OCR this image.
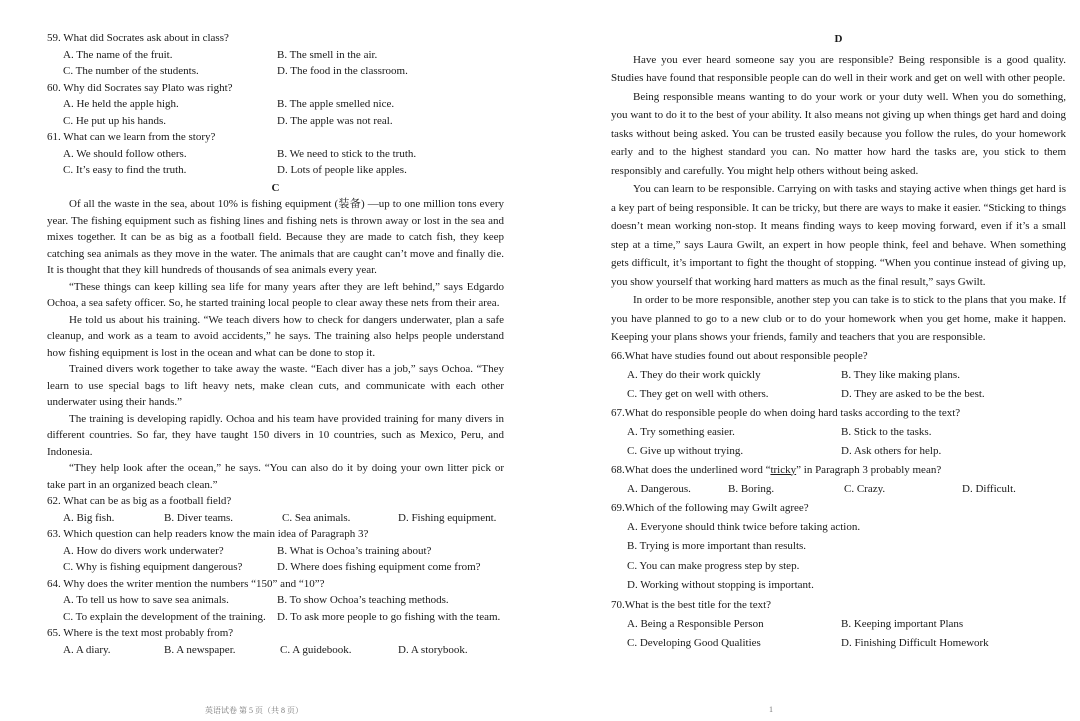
59. What did Socrates ask about in class?

A. The name of the fruit.	B. The smell in the air.
C. The number of the students.	D. The food in the classroom.

60. Why did Socrates say Plato was right?

A. He held the apple high.	B. The apple smelled nice.
C. He put up his hands.	D. The apple was not real.

61. What can we learn from the story?

A. We should follow others.	B. We need to stick to the truth.
C. It’s easy to find the truth.	D. Lots of people like apples.
C

Of all the waste in the sea, about 10% is fishing equipment (装备) —up to one million tons every year. The fishing equipment such as fishing lines and fishing nets is thrown away or lost in the sea and mixes together. It can be as big as a football field. Because they are made to catch fish, they keep catching sea animals as they move in the water. The animals that are caught can’t move and finally die. It is thought that they kill hundreds of thousands of sea animals every year.

“These things can keep killing sea life for many years after they are left behind,” says Edgardo Ochoa, a sea safety officer. So, he started training local people to clear away these nets from their area.

He told us about his training. “We teach divers how to check for dangers underwater, plan a safe cleanup, and work as a team to avoid accidents,” he says. The training also helps people understand how fishing equipment is lost in the ocean and what can be done to stop it.

Trained divers work together to take away the waste. “Each diver has a job,” says Ochoa. “They learn to use special bags to lift heavy nets, make clean cuts, and communicate with each other underwater using their hands.”

The training is developing rapidly. Ochoa and his team have provided training for many divers in different countries. So far, they have taught 150 divers in 10 countries, such as Mexico, Peru, and Indonesia.

“They help look after the ocean,” he says. “You can also do it by doing your own litter pick or take part in an organized beach clean.”

62. What can be as big as a football field?

A. Big fish.	B. Diver teams.	C. Sea animals.	D. Fishing equipment.

63. Which question can help readers know the main idea of Paragraph 3?

A. How do divers work underwater?	B. What is Ochoa’s training about?
C. Why is fishing equipment dangerous?	D. Where does fishing equipment come from?

64. Why does the writer mention the numbers “150” and “10”?

A. To tell us how to save sea animals.	B. To show Ochoa’s teaching methods.
C. To explain the development of the training.	D. To ask more people to go fishing with the team.

65. Where is the text most probably from?

A. A diary.	B. A newspaper.	C. A guidebook.	D. A storybook.
英语试卷 第 5 页（共 8 页）
D

Have you ever heard someone say you are responsible? Being responsible is a good quality. Studies have found that responsible people can do well in their work and get on well with other people.

Being responsible means wanting to do your work or your duty well. When you do something, you want to do it to the best of your ability. It also means not giving up when things get hard and doing tasks without being asked. You can be trusted easily because you follow the rules, do your homework early and to the highest standard you can. No matter how hard the tasks are, you stick to them responsibly and carefully. You might help others without being asked.

You can learn to be responsible. Carrying on with tasks and staying active when things get hard is a key part of being responsible. It can be tricky, but there are ways to make it easier. “Sticking to things doesn’t mean working non-stop. It means finding ways to keep moving forward, even if it’s a small step at a time,” says Laura Gwilt, an expert in how people think, feel and behave. When something gets difficult, it’s important to fight the thought of stopping. “When you continue instead of giving up, you show yourself that working hard matters as much as the final result,” says Gwilt.

In order to be more responsible, another step you can take is to stick to the plans that you make. If you have planned to go to a new club or to do your homework when you get home, make it happen. Keeping your plans shows your friends, family and teachers that you are responsible.

66.What have studies found out about responsible people?

A. They do their work quickly	B. They like making plans.
C. They get on well with others.	D. They are asked to be the best.

67.What do responsible people do when doing hard tasks according to the text?

A. Try something easier.	B. Stick to the tasks.
C. Give up without trying.	D. Ask others for help.

68.What does the underlined word “tricky” in Paragraph 3 probably mean?

A. Dangerous.	B. Boring.	C. Crazy.	D. Difficult.

69.Which of the following may Gwilt agree?

A. Everyone should think twice before taking action.
B. Trying is more important than results.
C. You can make progress step by step.
D. Working without stopping is important.

70.What is the best title for the text?

A. Being a Responsible Person	B. Keeping important Plans
C. Developing Good Qualities	D. Finishing Difficult Homework
1
